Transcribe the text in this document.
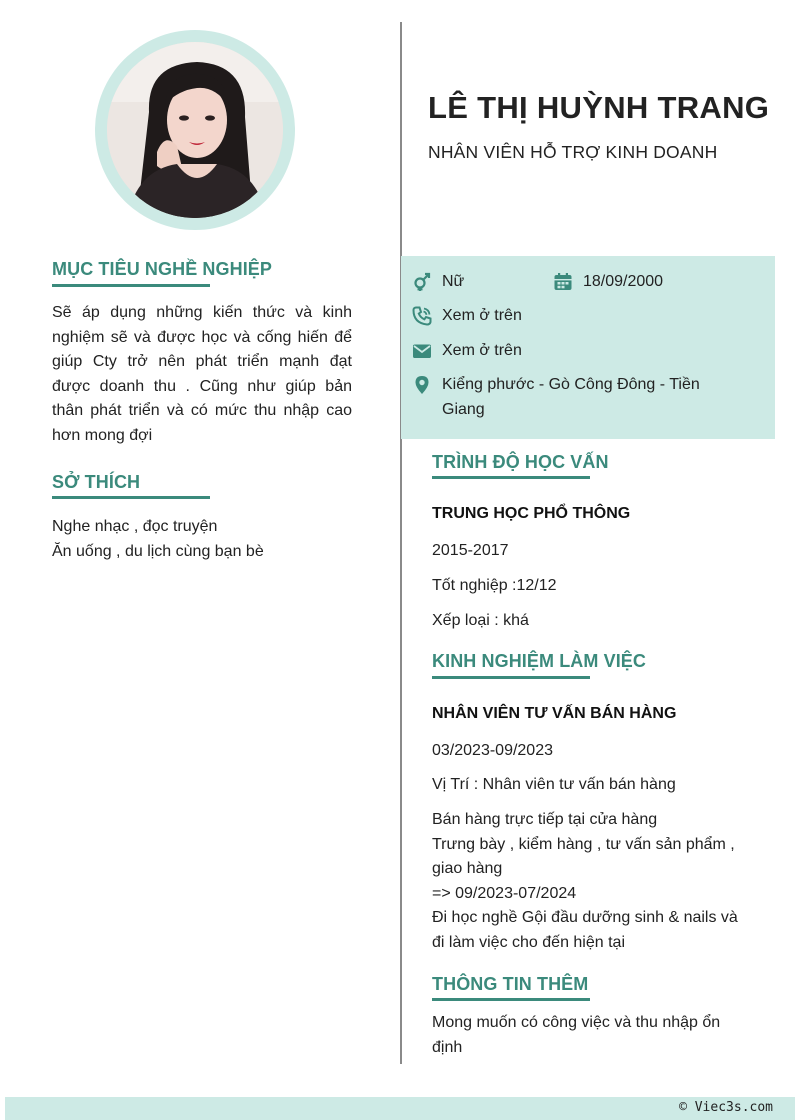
MỤC TIÊU NGHỀ NGHIỆP
Sẽ áp dụng những kiến thức và kinh
nghiệm sẽ và được học và cống hiến để
giúp Cty trở nên phát triển mạnh đạt
được doanh thu . Cũng như giúp bản
thân phát triển và có mức thu nhập cao
hơn mong đợi
SỞ THÍCH
Nghe nhạc , đọc truyện
Ăn uống , du lịch cùng bạn bè
LÊ THỊ HUỲNH TRANG
NHÂN VIÊN HỖ TRỢ KINH DOANH
Nữ	18/09/2000
Xem ở trên
Xem ở trên
Kiểng phước - Gò Công Đông - Tiền
Giang
TRÌNH ĐỘ HỌC VẤN
TRUNG HỌC PHỔ THÔNG
2015-2017
Tốt nghiệp :12/12
Xếp loại : khá
KINH NGHIỆM LÀM VIỆC
NHÂN VIÊN TƯ VẤN BÁN HÀNG
03/2023-09/2023
Vị Trí : Nhân viên tư vấn bán hàng
Bán hàng trực tiếp tại cửa hàng
Trưng bày , kiểm hàng , tư vấn sản phẩm ,
giao hàng
=> 09/2023-07/2024
Đi học nghề Gội đầu dưỡng sinh & nails và
đi làm việc cho đến hiện tại
THÔNG TIN THÊM
Mong muốn có công việc và thu nhập ổn
định
© Viec3s.com
